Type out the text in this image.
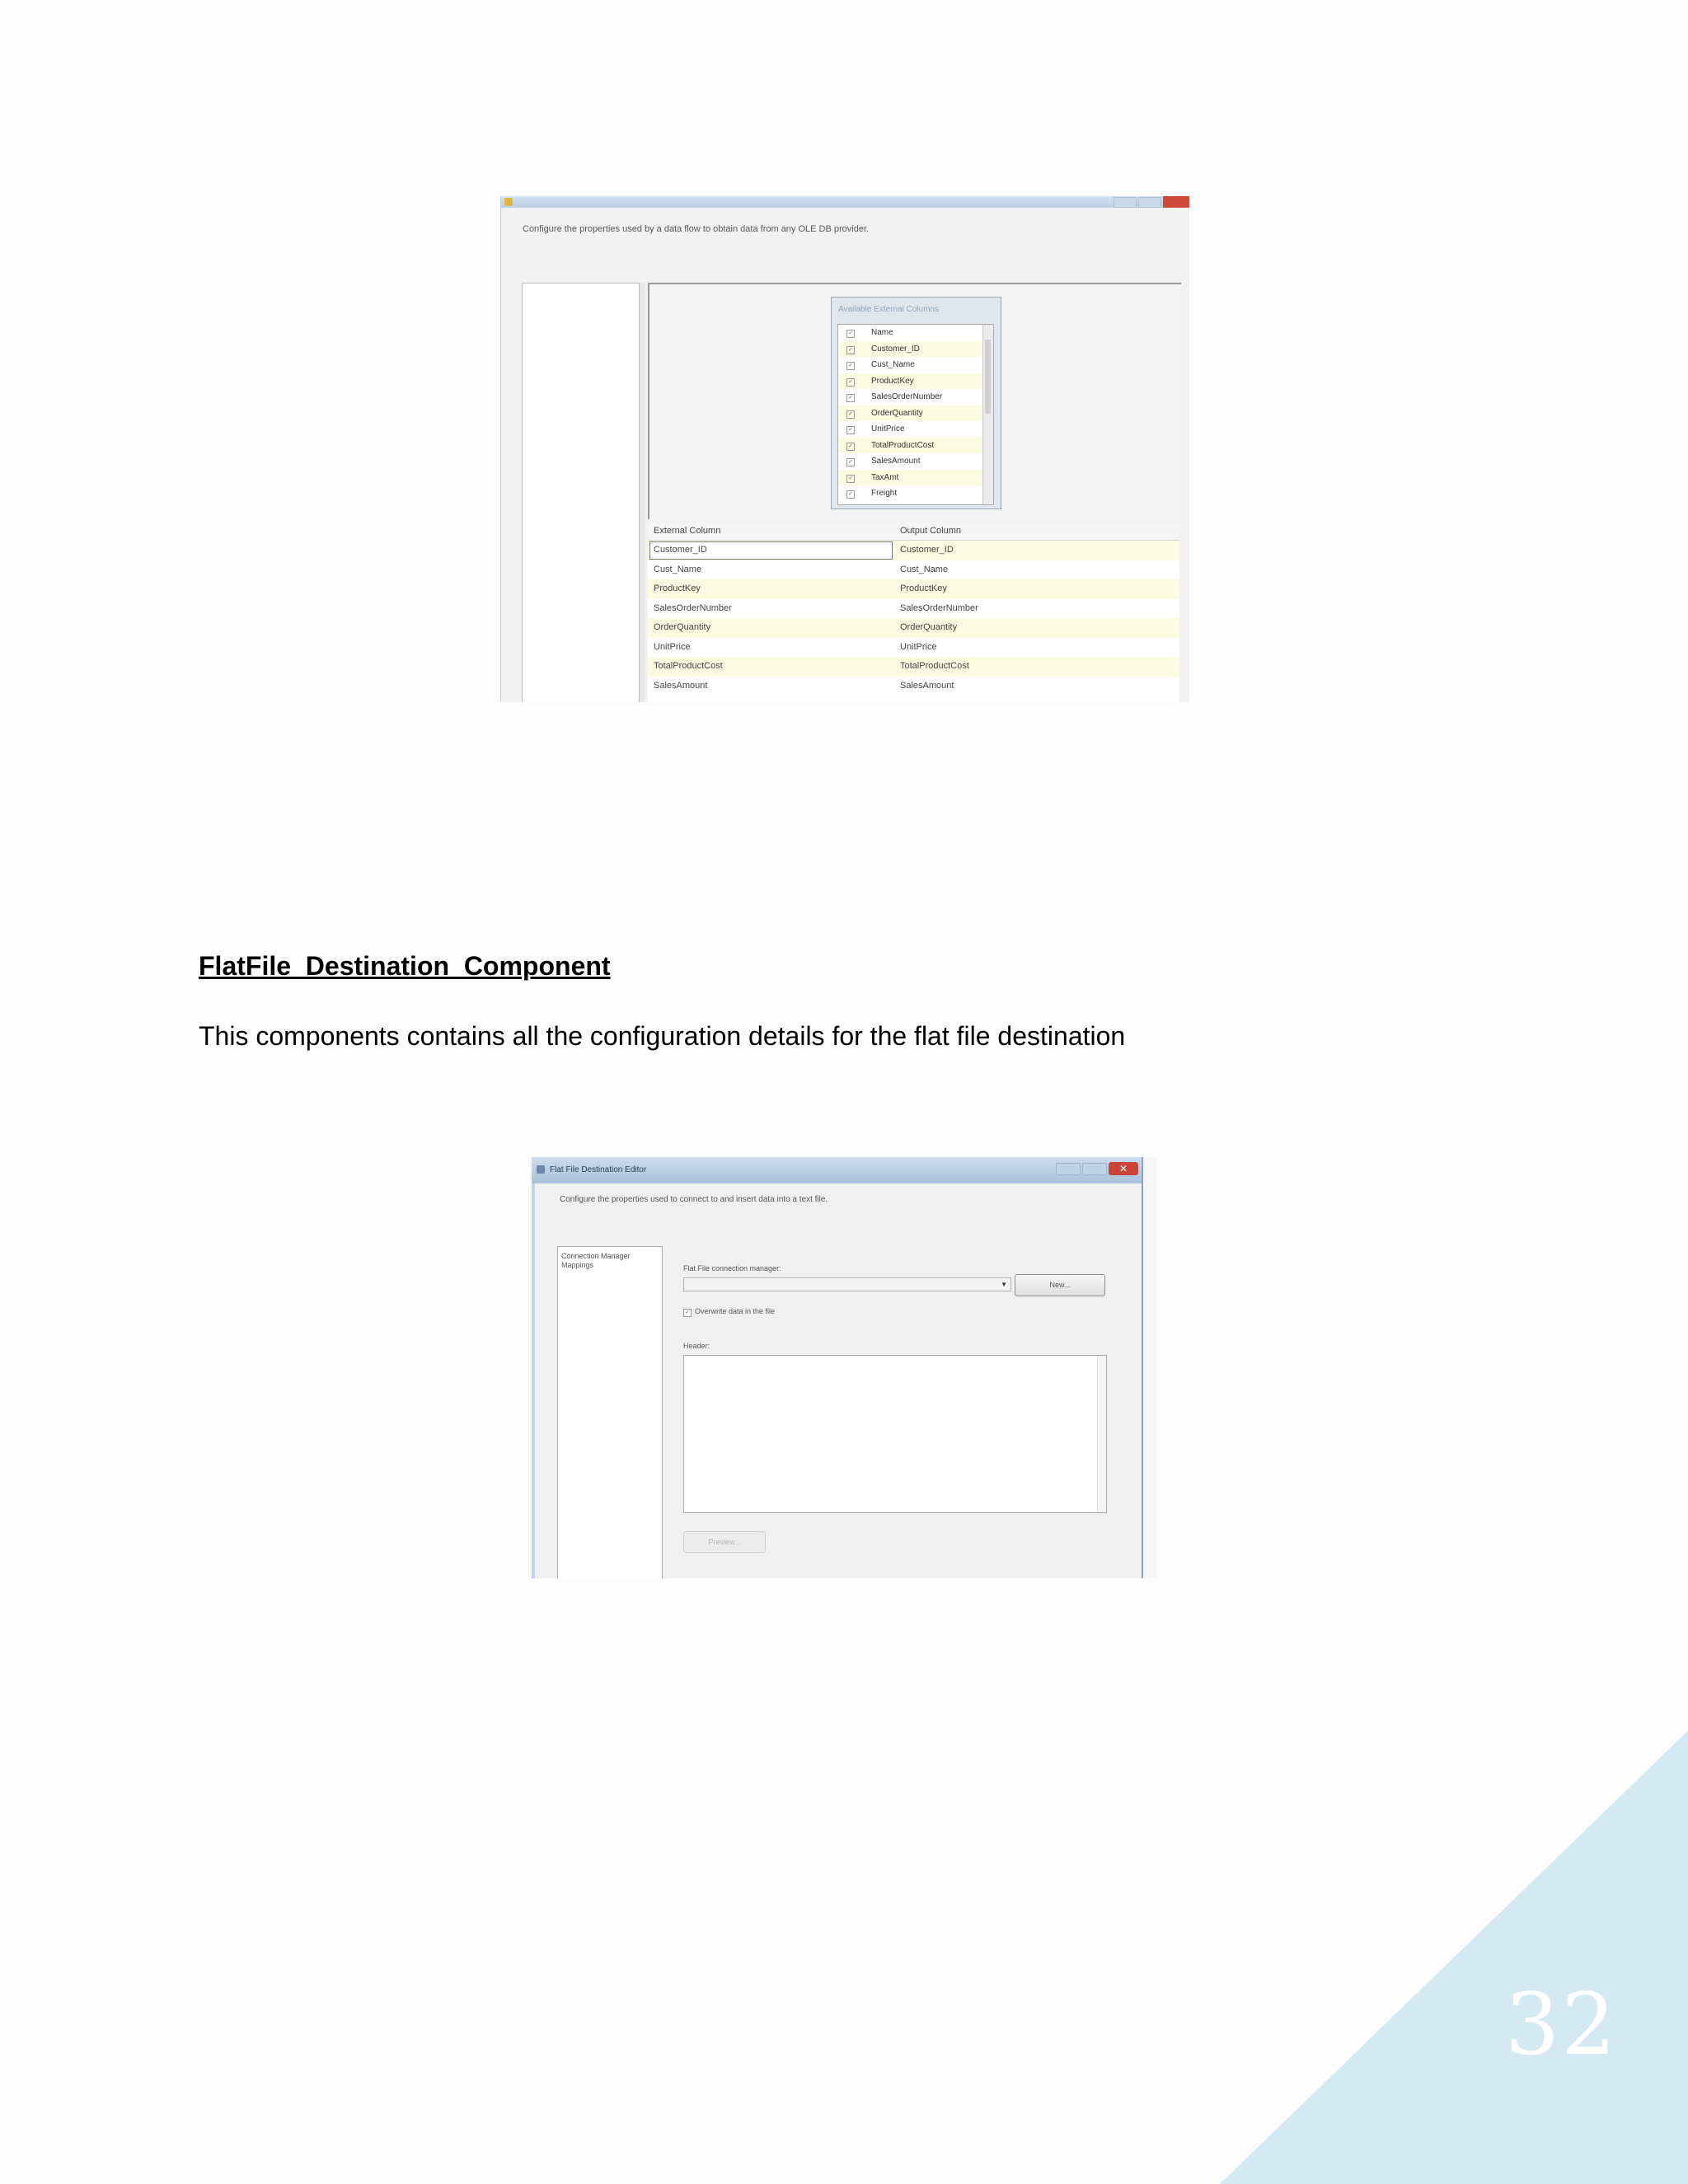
Configure the properties used by a data flow to obtain data from any OLE DB provider.
Available External Columns
✓ Name
✓ Customer_ID
✓ Cust_Name
✓ ProductKey
✓ SalesOrderNumber
✓ OrderQuantity
✓ UnitPrice
✓ TotalProductCost
✓ SalesAmount
✓ TaxAmt
✓ Freight
External Column	Output Column
Customer_ID	Customer_ID
Cust_Name	Cust_Name
ProductKey	ProductKey
SalesOrderNumber	SalesOrderNumber
OrderQuantity	OrderQuantity
UnitPrice	UnitPrice
TotalProductCost	TotalProductCost
SalesAmount	SalesAmount
FlatFile  Destination  Component
This components contains all the configuration details for the flat file destination
Flat File Destination Editor	✕
Configure the properties used to connect to and insert data into a text file.
Connection Manager
Mappings	Flat File connection manager:
▼	New...
✓ Overwrite data in the file
Header:
Preview...
32
